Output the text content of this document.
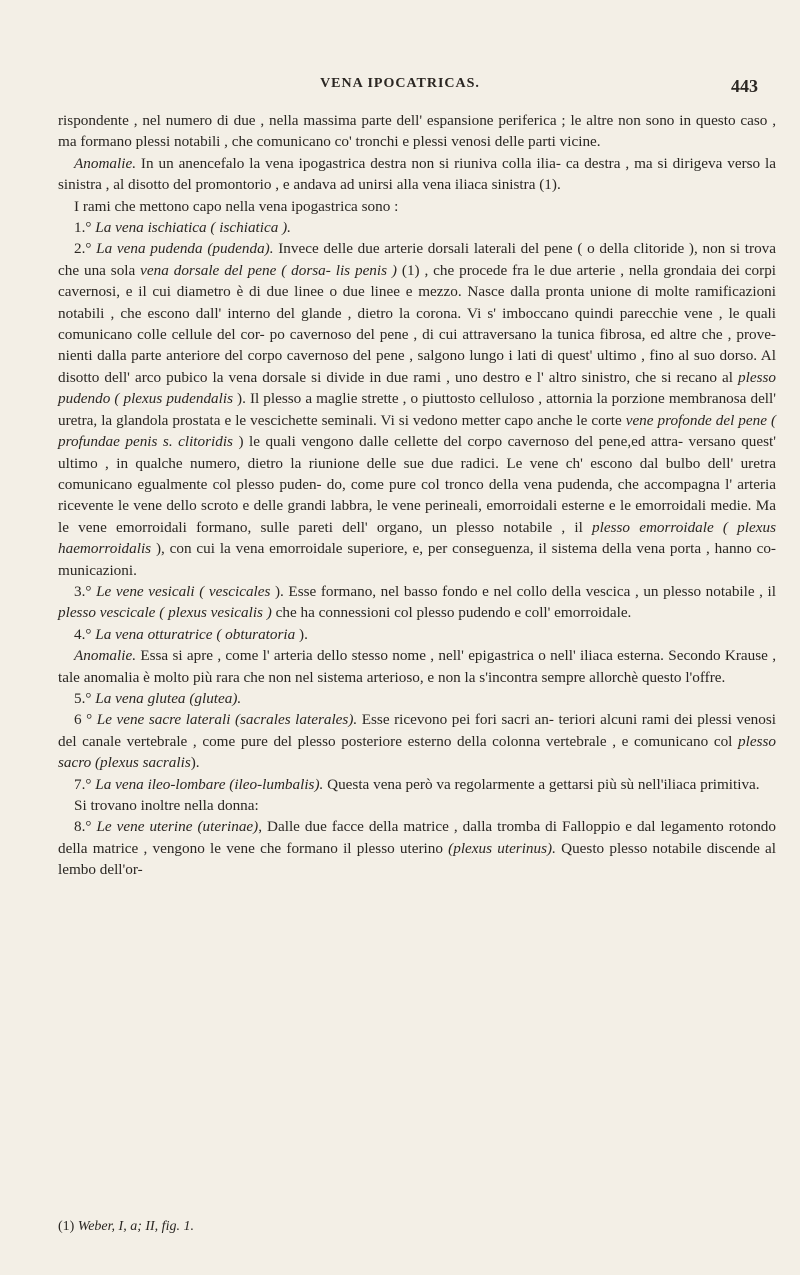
VENA IPOCATRICAS.	443

rispondente , nel numero di due , nella massima parte dell' espansione periferica ; le altre non sono in questo caso , ma formano plessi notabili , che comunicano co' tronchi e plessi venosi delle parti vicine.

Anomalie. In un anencefalo la vena ipogastrica destra non si riuniva colla ilia- ca destra , ma si dirigeva verso la sinistra , al disotto del promontorio , e andava ad unirsi alla vena iliaca sinistra (1).

I rami che mettono capo nella vena ipogastrica sono :

1.° La vena ischiatica ( ischiatica ).

2.° La vena pudenda (pudenda). Invece delle due arterie dorsali laterali del pene ( o della clitoride ), non si trova che una sola vena dorsale del pene ( dorsa- lis penis ) (1) , che procede fra le due arterie , nella grondaia dei corpi cavernosi, e il cui diametro è di due linee o due linee e mezzo. Nasce dalla pronta unione di molte ramificazioni notabili , che escono dall' interno del glande , dietro la corona. Vi s' imboccano quindi parecchie vene , le quali comunicano colle cellule del cor- po cavernoso del pene , di cui attraversano la tunica fibrosa, ed altre che , prove- nienti dalla parte anteriore del corpo cavernoso del pene , salgono lungo i lati di quest' ultimo , fino al suo dorso. Al disotto dell' arco pubico la vena dorsale si divide in due rami , uno destro e l' altro sinistro, che si recano al plesso pudendo ( plexus pudendalis ). Il plesso a maglie strette , o piuttosto celluloso , attornia la porzione membranosa dell' uretra, la glandola prostata e le vescichette seminali. Vi si vedono metter capo anche le corte vene profonde del pene ( profundae penis s. clitoridis ) le quali vengono dalle cellette del corpo cavernoso del pene,ed attra- versano quest' ultimo , in qualche numero, dietro la riunione delle sue due radici. Le vene ch' escono dal bulbo dell' uretra comunicano egualmente col plesso puden- do, come pure col tronco della vena pudenda, che accompagna l' arteria ricevente le vene dello scroto e delle grandi labbra, le vene perineali, emorroidali esterne e le emorroidali medie. Ma le vene emorroidali formano, sulle pareti dell' organo, un plesso notabile , il plesso emorroidale ( plexus haemorroidalis ), con cui la vena emorroidale superiore, e, per conseguenza, il sistema della vena porta , hanno co- municazioni.

3.° Le vene vesicali ( vescicales ). Esse formano, nel basso fondo e nel collo della vescica , un plesso notabile , il plesso vescicale ( plexus vesicalis ) che ha connessioni col plesso pudendo e coll' emorroidale.

4.° La vena otturatrice ( obturatoria ).

Anomalie. Essa si apre , come l' arteria dello stesso nome , nell' epigastrica o nell' iliaca esterna. Secondo Krause , tale anomalia è molto più rara che non nel sistema arterioso, e non la s'incontra sempre allorchè questo l'offre.

5.° La vena glutea (glutea).

6 ° Le vene sacre laterali (sacrales laterales). Esse ricevono pei fori sacri an- teriori alcuni rami dei plessi venosi del canale vertebrale , come pure del plesso posteriore esterno della colonna vertebrale , e comunicano col plesso sacro (plexus sacralis).

7.° La vena ileo-lombare (ileo-lumbalis). Questa vena però va regolarmente a gettarsi più sù nell'iliaca primitiva.

Si trovano inoltre nella donna:

8.° Le vene uterine (uterinae), Dalle due facce della matrice , dalla tromba di Falloppio e dal legamento rotondo della matrice , vengono le vene che formano il plesso uterino (plexus uterinus). Questo plesso notabile discende al lembo dell'or-

(1) Weber, I, a; II, fig. 1.
